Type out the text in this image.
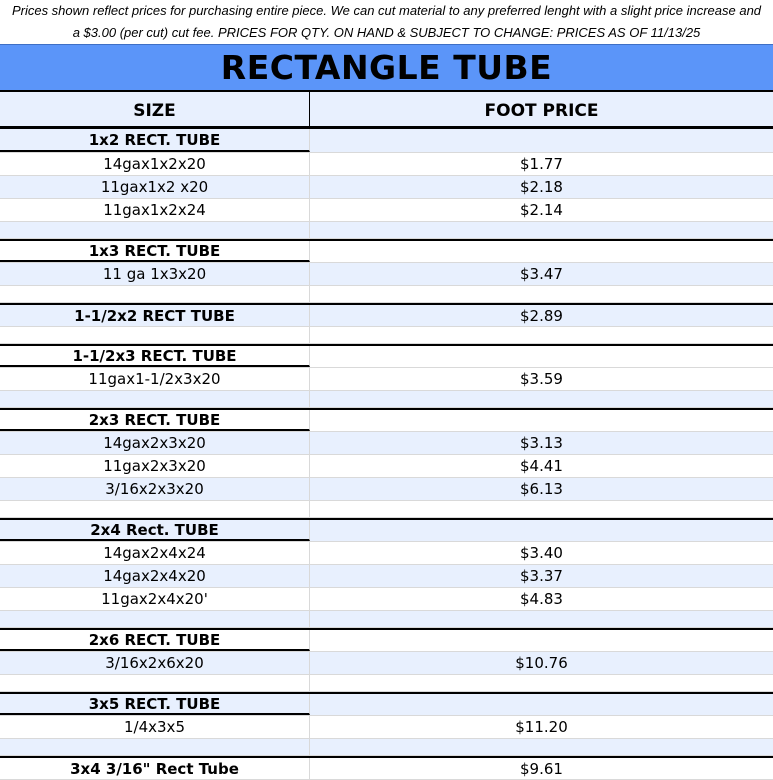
Prices shown reflect prices for purchasing entire piece. We can cut material to any preferred lenght with a slight price increase and
a $3.00 (per cut) cut fee. PRICES FOR QTY. ON HAND & SUBJECT TO CHANGE: PRICES AS OF 11/13/25
RECTANGLE TUBE
SIZE	FOOT PRICE
1x2 RECT. TUBE
14gax1x2x20	$1.77
11gax1x2 x20	$2.18
11gax1x2x24	$2.14
1x3 RECT. TUBE
11 ga 1x3x20	$3.47
1-1/2x2 RECT TUBE	$2.89
1-1/2x3 RECT. TUBE
11gax1-1/2x3x20	$3.59
2x3 RECT. TUBE
14gax2x3x20	$3.13
11gax2x3x20	$4.41
3/16x2x3x20	$6.13
2x4 Rect. TUBE
14gax2x4x24	$3.40
14gax2x4x20	$3.37
11gax2x4x20'	$4.83
2x6 RECT. TUBE
3/16x2x6x20	$10.76
3x5 RECT. TUBE
1/4x3x5	$11.20
3x4 3/16" Rect Tube	$9.61
